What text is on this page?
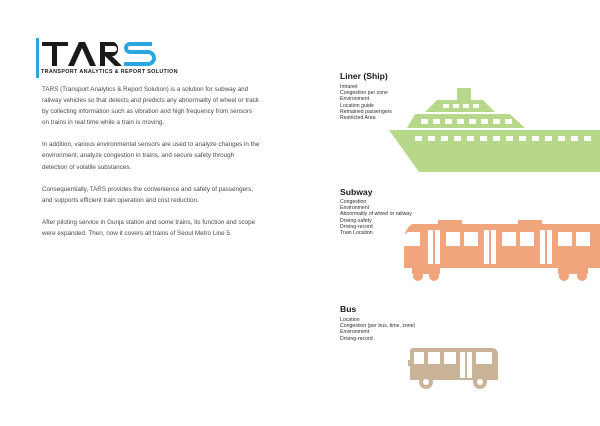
TRANSPORT ANALYTICS & REPORT SOLUTION

TARS (Transport Analytics & Report Solution) is a solution for subway and railway vehicles so that detects and predicts any abnormality of wheel or track by collecting information such as vibration and high frequency from sensors on trains in real time while a train is moving.

In addition, various environmental sensors are used to analyze changes in the environment, analyze congestion in trains, and secure safety through detection of volatile substances.

Consequentially, TARS provides the convenience and safety of passengers, and supports efficient train operation and cost reduction.

After piloting service in Gunja station and some trains, its function and scope were expanded. Then, now it covers all trains of Seoul Metro Line 5.

Liner (Ship)
Intranet
Congestion per zone
Environment
Location guide
Remained passengers
Restricted Area
Subway
Congestion
Environment
Abnormality of wheel or railway
Driving-safety
Driving-record
Train Location
Bus
Location
Congestion (per bus, time, zone)
Environment
Driving-record
